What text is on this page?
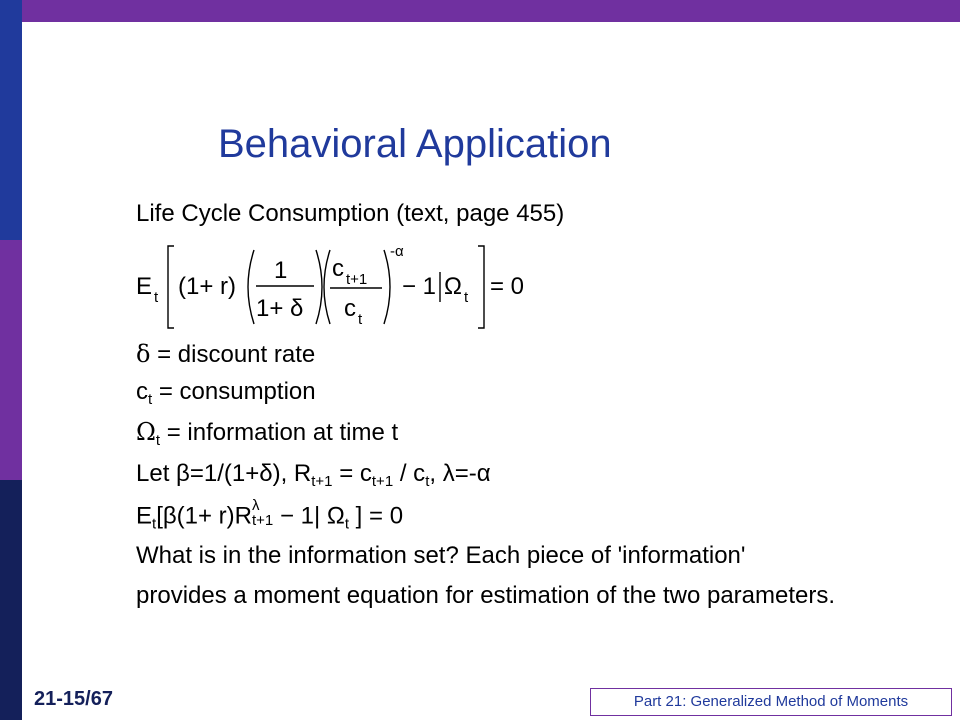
Behavioral Application
Life Cycle Consumption (text, page 455)
E t (1+ r)
1
1+ δ
c t+1
c t
-α
− 1 Ω t = 0
δ = discount rate
$c_t$ = consumption
$\Omega_t$ = information at time t
Let β=1/(1+δ), $R_{t+1} = c_{t+1} / c_t$, λ=-α
$E_t[\beta(1+ r)R$ λ
t+1 − 1| $\Omega_t$ ] = 0
What is in the information set? Each piece of 'information'
provides a moment equation for estimation of the two parameters.
21-15/67	Part 21: Generalized Method of Moments
